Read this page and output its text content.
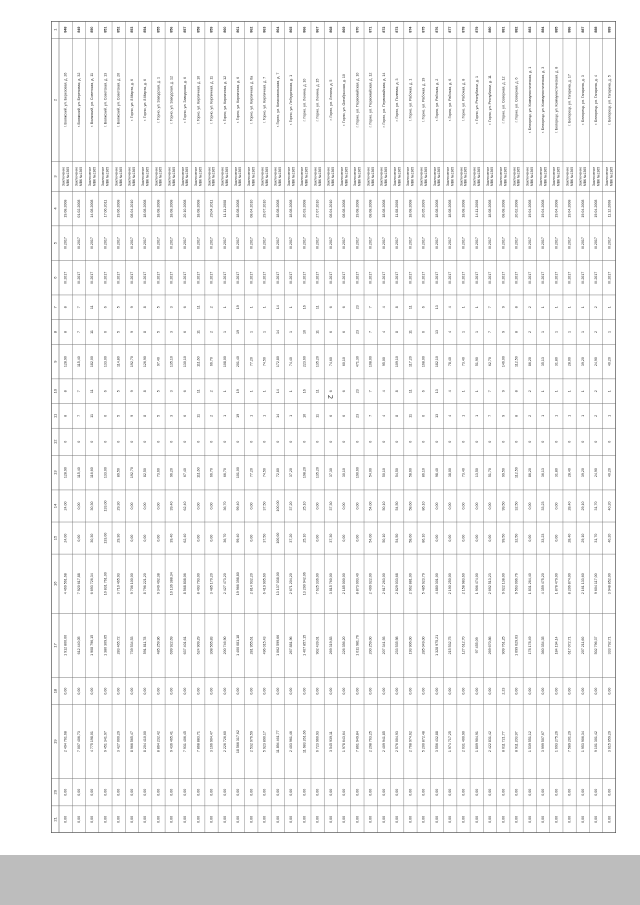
2
1
2
3
4
5
6
7
8
9
10
11
12
13
14
15
16
17
18
19
20
21
848
г. Волжский, ул. Березовая, д. 26
Заключение МВК №1365
19.08.2008
III.2017
III.2017
8
128,90
8
128,90
24,00
4 469 561,68
1 912 800,00
0,00
2 494 761,68
0,00
0,00
8
8
0
24,00
849
г. Волжский, ул. Березовая, д. 32
Заключение МВК №1365
01.02.2008
III.2017
III.2017
7
115,40
7
115,40
0,00
7 920 617,88
612 440,05
0,00
7 007 406,73
0,00
0,00
7
7
0
0,00
850
г. Волжский, ул. Советская, д. 11
Заключение МВК №1365
14.08.2008
III.2017
III.2017
11
182,00
11
116,60
30,30
6 693 726,34
1 908 796,15
0,00
4 775 198,01
0,00
0,00
11
11
0
30,30
851
г. Волжский, ул. Советская, д. 13
Заключение МВК №1365
17.06.2011
III.2017
III.2017
6
133,00
6
133,00
133,00
10 831 761,00
1 380 309,65
0,00
9 451 341,97
0,00
0,00
6
6
0
133,00
852
г. Волжский, ул. Советская, д. 20
Заключение МВК №1365
19.06.2008
III.2017
III.2017
5
114,80
5
89,50
29,30
3 710 465,93
283 465,72
0,00
3 427 000,29
0,00
0,00
5
5
0
29,30
853
г. Горно, ул. 8 Марта, д. 6
Заключение МВК №1365
08.04.2010
III.2017
III.2017
9
192,70
9
192,70
0,00
9 706 100,00
739 534,53
0,00
8 966 565,47
0,00
0,00
9
9
0
0,00
854
г. Горно, ул. 8 Марта, д. 6
Заключение МВК №1365
18.08.2008
III.2017
III.2017
8
126,90
8
82,50
0,00
8 796 221,20
591 811,78
0,00
8 204 410,00
0,00
0,00
8
8
0
0,00
855
г. Горно, ул. Заводская, д. 1
Заключение МВК №1365
18.08.2008
III.2017
III.2017
5
97,40
5
73,60
0,00
9 349 492,38
485 259,96
0,00
8 864 232,42
0,00
0,00
5
5
0
0,00
856
г. Горно, ул. Заводская, д. 12
Заключение МВК №1365
18.08.2008
III.2017
III.2017
3
135,10
3
96,20
39,40
10 136 388,34
699 922,69
0,00
9 436 465,41
0,00
0,00
3
3
0
39,40
857
г. Горно, ул. Заводская, д. 6
Заключение МВК №1365
20.10.2008
III.2017
III.2017
6
130,10
6
67,40
62,40
8 568 808,06
637 401,61
0,00
7 931 406,45
0,00
0,00
6
6
0
62,40
858
г. Горно, ул. Кирпичная, д. 10
Заключение МВК №1365
18.08.2008
III.2017
III.2017
11
111,60
11
111,60
0,00
8 493 793,00
624 909,29
0,00
7 868 883,71
0,00
0,00
11
11
0
0,00
859
г. Горно, ул. Кирпичная, д. 11
Заключение МВК №1365
29.04.2011
III.2017
III.2017
2
66,70
2
66,70
0,00
3 485 170,20
308 565,83
0,00
3 166 904,47
0,00
0,00
2
2
0
0,00
860
г. Горно, ул. Кирпичная, д. 12
Заключение МВК №1365
11.11.2008
III.2017
III.2017
1
108,00
1
66,70
36,70
2 427 473,20
200 746,90
0,00
2 226 726,60
0,00
0,00
1
1
0
36,70
861
г. Горно, ул. Кирпичная, д. 6
Заключение МВК №1365
18.08.2008
III.2017
III.2017
19
201,40
19
101,00
99,40
19 966 398,80
1 400 081,18
0,00
18 566 317,62
0,00
0,00
19
19
0
99,40
862
г. Горно, ул. Кирпичная, д. 6а
Заключение МВК №1365
08.04.2010
III.2017
III.2017
1
77,20
1
77,20
0,00
2 814 932,20
281 955,61
0,00
2 532 976,59
0,00
0,00
1
1
0
0,00
863
г. Горно, ул. Кирпичная, д. 7
Заключение МВК №1365
29.07.2010
III.2017
III.2017
1
74,50
1
74,50
37,50
6 419 905,60
496 015,43
0,00
5 923 890,17
0,00
0,00
1
1
0
37,50
864
г. Горно, ул. Комсомольская, д. 7
Заключение МВК №1365
18.08.2008
III.2017
III.2017
14
172,80
14
72,80
100,00
13 137 038,00
1 062 599,66
0,00
11 894 461,77
0,00
0,00
14
14
0
100,00
865
г. Горно, ул. Лебединская, д. 1
Заключение МВК №1365
18.08.2008
III.2017
III.2017
1
74,40
1
37,20
37,20
2 671 204,20
267 881,96
0,00
2 403 961,46
0,00
0,00
1
1
0
37,20
866
г. Горно, ул. Ленина, д. 10
Заключение МВК №1365
20.03.2008
III.2017
III.2017
16
223,60
16
198,20
25,10
13 290 942,06
1 407 857,15
0,00
11 683 261,66
0,00
0,00
16
16
0
25,10
867
г. Горно, ул. Ленина, д. 15
Заключение МВК №1365
27.07.2010
III.2017
III.2017
11
135,20
11
135,20
0,00
7 625 336,00
902 439,01
0,00
6 723 960,93
0,00
0,00
11
11
0
0,00
868
г. Горно, ул. Ленина, д. 5
Заключение МВК №1365
08.04.2010
III.2017
III.2017
6
74,60
6
37,30
37,30
3 815 760,00
269 319,83
0,00
3 545 939,11
0,00
0,00
6
6
0
37,30
869
г. Горно, ул. Октябрьская, д. 10
Заключение МВК №1365
08.08.2008
III.2017
III.2017
6
60,10
6
30,10
0,00
2 185 000,00
226 356,20
0,00
1 978 643,64
0,00
0,00
6
6
0
0,00
870
г. Горно, ул. Первомайская, д. 10
Заключение МВК №1365
19.08.2008
III.2017
III.2017
23
471,30
23
190,60
0,00
8 873 003,40
1 011 981,76
0,00
7 861 949,84
0,00
0,00
23
23
0
0,00
871
г. Горно, ул. Первомайская, д. 12
Заключение МВК №1365
08.08.2008
III.2017
III.2017
7
108,00
7
54,00
54,00
2 499 022,00
200 259,00
0,00
2 298 763,25
0,00
0,00
7
7
0
54,00
872
г. Горно, ул. Первомайская, д. 14
Заключение МВК №1365
18.08.2008
III.2017
III.2017
4
95,00
4
50,10
50,10
2 617 263,00
207 341,93
0,00
2 409 941,85
0,00
0,00
4
4
0
50,10
873
г. Горно, ул. Полевая, д. 3
Заключение МВК №1365
11.08.2008
III.2017
III.2017
8
109,10
8
54,50
54,50
2 829 033,68
233 535,98
0,00
2 576 004,93
0,00
0,00
8
8
0
54,50
874
г. Горно, ул. Рабочая, д. 1
Заключение МВК №1365
18.08.2008
III.2017
III.2017
11
117,20
11
58,60
58,60
2 962 881,00
193 906,00
0,00
2 768 974,62
0,00
0,00
11
11
0
58,60
875
г. Горно, ул. Рабочая, д. 19
Заключение МВК №1365
20.05.2009
III.2017
III.2017
6
168,00
6
86,10
86,10
5 485 923,79
285 049,00
0,00
5 200 872,48
0,00
0,00
6
6
0
86,10
876
г. Горно, ул. Рабочая, д. 2
Заключение МВК №1365
18.08.2008
III.2017
III.2017
13
182,10
13
98,40
0,00
4 880 301,00
1 328 975,21
0,00
3 556 432,88
0,00
0,00
13
13
0
0,00
877
г. Горно, ул. Рабочая, д. 6
Заключение МВК №1365
18.08.2008
III.2017
III.2017
4
78,40
4
38,00
0,00
2 190 250,00
215 532,75
0,00
1 974 717,25
0,00
0,00
4
4
0
0,00
878
г. Горно, ул. Рабочая, д. 8
Заключение МВК №1365
18.08.2008
III.2017
III.2017
1
73,40
1
73,40
0,00
2 158 983,60
127 612,70
0,00
2 031 400,90
0,00
0,00
1
1
0
0,00
879
г. Горно, ул. Республики, д. 1
Заключение МВК №1365
14.11.2008
III.2017
III.2017
1
51,90
1
13,50
0,00
1 906 474,00
97 455,09
0,00
1 809 904,91
0,00
0,00
1
1
0
0,00
880
г. Горно, ул. Республики, д. 11
Заключение МВК №1365
18.08.2008
III.2017
III.2017
7
62,70
7
51,70
0,00
2 692 513,23
269 670,86
0,00
2 422 831,42
0,00
0,00
7
7
0
0,00
881
г. Горно, ул. Северная, д. 12
Заключение МВК №1365
08.08.2008
III.2017
III.2017
9
146,00
9
99,50
99,50
9 022 138,00
909 761,25
2,23
8 011 721,77
0,00
0,00
9
9
0
99,50
882
г. Горно, ул. Северная, д. 6
Заключение МВК №1365
20.02.2008
III.2017
III.2017
8
112,50
8
112,50
32,50
9 563 096,76
1 699 629,63
0,00
8 911 203,97
0,00
0,00
8
8
0
32,50
883
г. Белорецк, ул. Коммунистическая, д. 1
Заключение МВК №1365
19.04.2008
III.2017
III.2017
2
86,20
2
86,20
0,00
1 831 264,40
178 178,49
0,00
1 539 551,12
0,00
0,00
2
2
0
0,00
884
г. Белорецк, ул. Коммунистическая, д. 3
Заключение МВК №1365
19.04.2008
III.2017
III.2017
1
35,13
1
36,13
33,23
4 359 475,20
360 354,35
0,00
3 999 507,67
0,00
0,00
1
1
0
33,23
885
г. Белорецк, ул. Коммунистическая, д. 8
Заключение МВК №1365
19.04.2008
III.2017
III.2017
1
31,80
1
31,80
0,00
1 878 479,00
184 194,14
0,00
1 693 275,26
0,00
0,00
1
1
0
0,00
886
г. Белорецк, ул. Гагарина, д. 17
Заключение МВК №1365
19.04.2008
III.2017
III.2017
1
28,00
1
28,40
28,40
8 206 874,00
617 072,71
0,00
7 589 201,29
0,00
0,00
1
1
0
28,40
887
г. Белорецк, ул. Гагарина, д. 3
Заключение МВК №1365
19.04.2008
III.2017
III.2017
1
39,20
1
39,20
29,10
2 161 133,60
207 211,60
0,00
1 953 906,34
0,00
0,00
1
1
0
29,10
888
г. Белорецк, ул. Гагарина, д. 4
Заключение МВК №1365
19.04.2008
III.2017
III.2017
2
24,90
2
24,90
31,70
9 604 117,00
502 796,37
0,00
9 101 301,42
0,00
0,00
2
2
0
31,70
889
г. Белорецк, ул. Гагарина, д. 5
Заключение МВК №1365
11.12.2008
III.2017
III.2017
1
40,20
1
40,20
40,20
3 948 852,00
333 792,71
0,00
3 615 059,29
0,00
0,00
1
1
0
40,20
